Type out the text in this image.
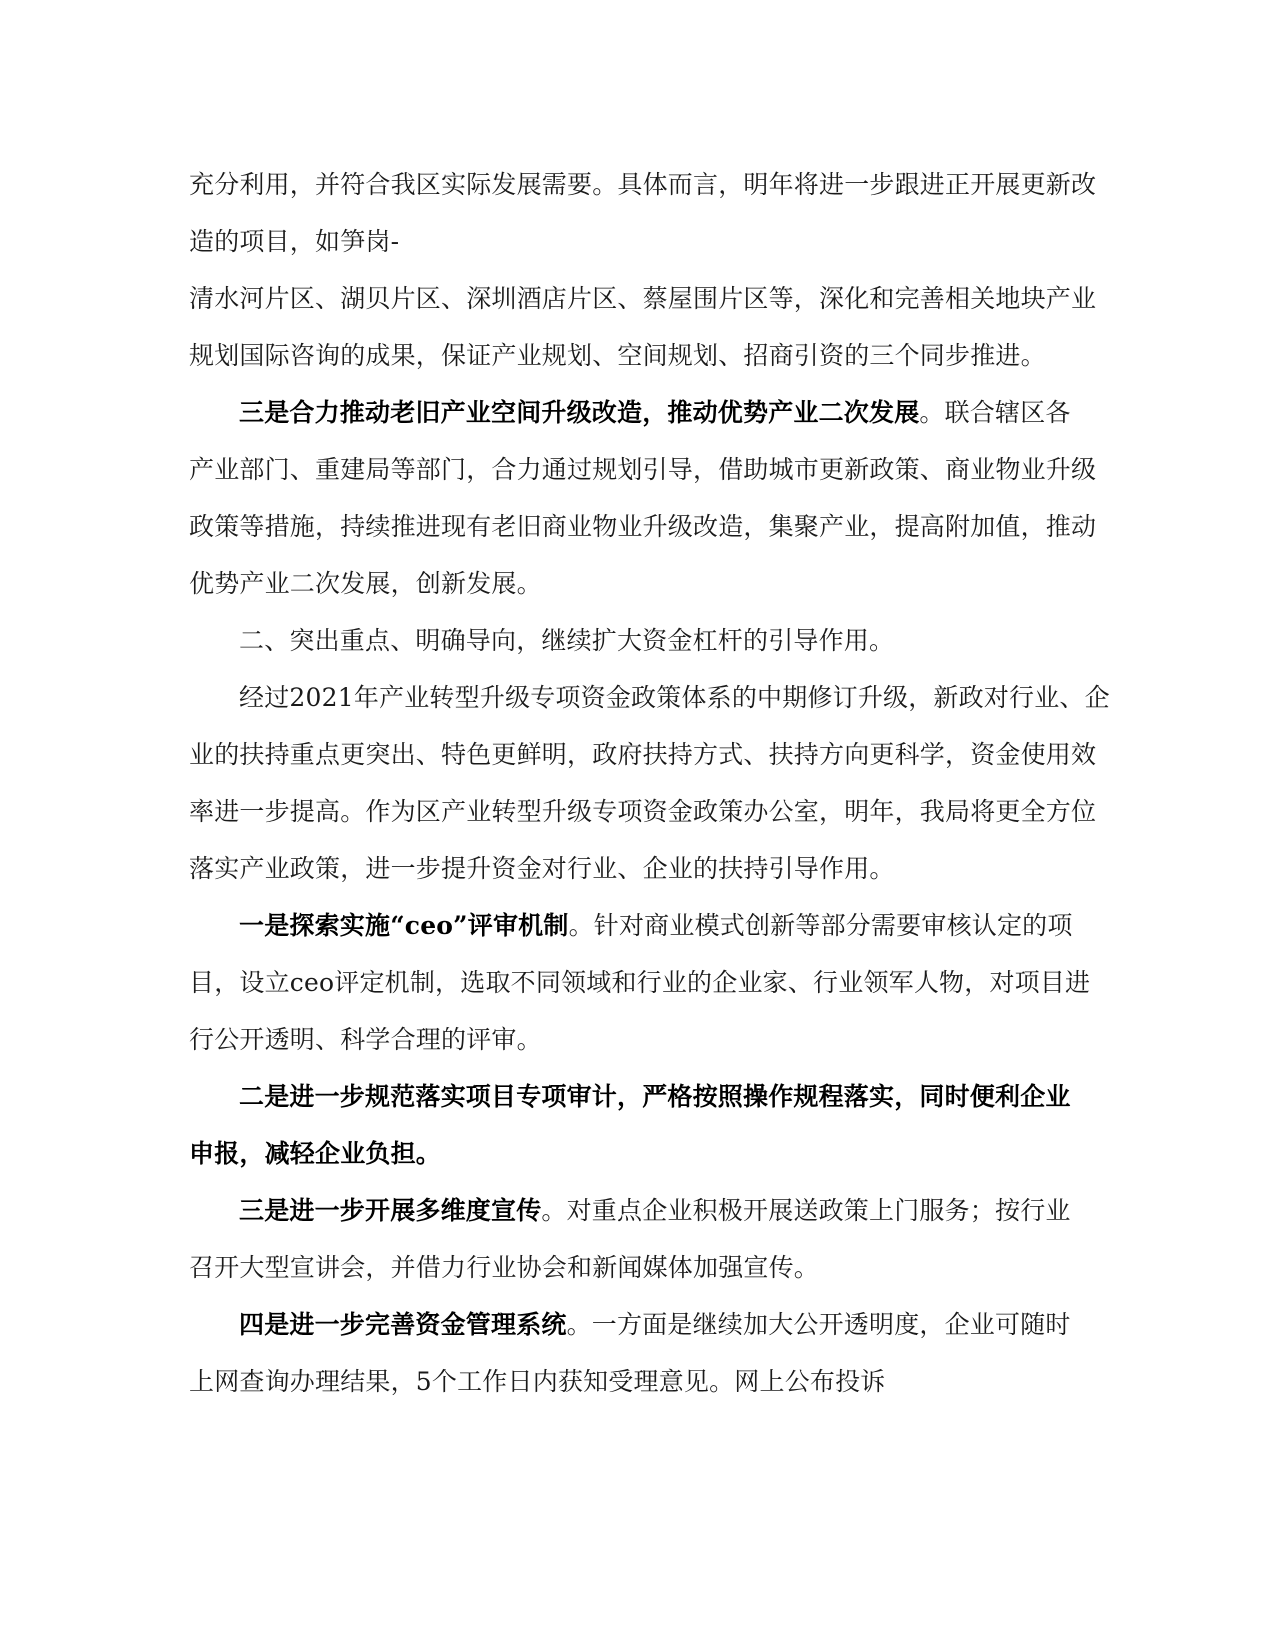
充分利用，并符合我区实际发展需要。具体而言，明年将进一步跟进正开展更新改
造的项目，如笋岗-
清水河片区、湖贝片区、深圳酒店片区、蔡屋围片区等，深化和完善相关地块产业
规划国际咨询的成果，保证产业规划、空间规划、招商引资的三个同步推进。
三是合力推动老旧产业空间升级改造，推动优势产业二次发展。联合辖区各
产业部门、重建局等部门，合力通过规划引导，借助城市更新政策、商业物业升级
政策等措施，持续推进现有老旧商业物业升级改造，集聚产业，提高附加值，推动
优势产业二次发展，创新发展。
二、突出重点、明确导向，继续扩大资金杠杆的引导作用。
经过2021年产业转型升级专项资金政策体系的中期修订升级，新政对行业、企
业的扶持重点更突出、特色更鲜明，政府扶持方式、扶持方向更科学，资金使用效
率进一步提高。作为区产业转型升级专项资金政策办公室，明年，我局将更全方位
落实产业政策，进一步提升资金对行业、企业的扶持引导作用。
一是探索实施“ceo”评审机制。针对商业模式创新等部分需要审核认定的项
目，设立ceo评定机制，选取不同领域和行业的企业家、行业领军人物，对项目进
行公开透明、科学合理的评审。
二是进一步规范落实项目专项审计，严格按照操作规程落实，同时便利企业
申报，减轻企业负担。
三是进一步开展多维度宣传。对重点企业积极开展送政策上门服务；按行业
召开大型宣讲会，并借力行业协会和新闻媒体加强宣传。
四是进一步完善资金管理系统。一方面是继续加大公开透明度，企业可随时
上网查询办理结果，5个工作日内获知受理意见。网上公布投诉
